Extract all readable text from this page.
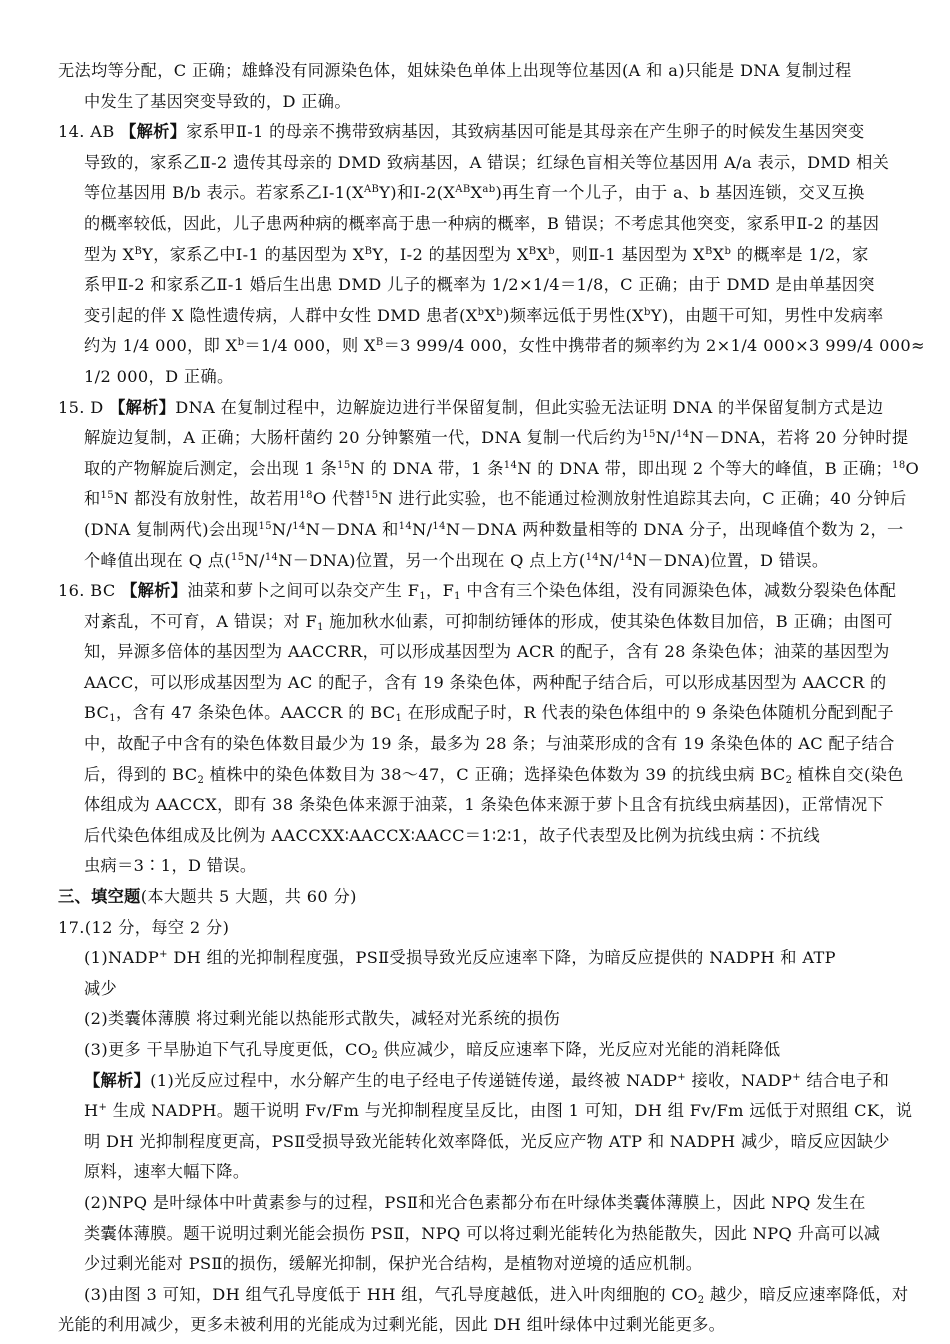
无法均等分配，C 正确；雄蜂没有同源染色体，姐妹染色单体上出现等位基因(A 和 a)只能是 DNA 复制过程
中发生了基因突变导致的，D 正确。
14. AB 【解析】家系甲Ⅱ-1 的母亲不携带致病基因，其致病基因可能是其母亲在产生卵子的时候发生基因突变
导致的，家系乙Ⅱ-2 遗传其母亲的 DMD 致病基因，A 错误；红绿色盲相关等位基因用 A/a 表示，DMD 相关
等位基因用 B/b 表示。若家系乙$Ⅰ-1(X^{AB}Y)$和$Ⅰ-2(X^{AB}X^{ab})$再生育一个儿子，由于 a、b 基因连锁，交叉互换
的概率较低，因此，儿子患两种病的概率高于患一种病的概率，B 错误；不考虑其他突变，家系甲Ⅱ-2 的基因
型为 $X^BY$，家系乙中Ⅰ-1 的基因型为 $X^BY$，Ⅰ-2 的基因型为 $X^BX^b$，则Ⅱ-1 基因型为 $X^BX^b$ 的概率是 1/2，家
系甲Ⅱ-2 和家系乙Ⅱ-1 婚后生出患 DMD 儿子的概率为 1/2×1/4＝1/8，C 正确；由于 DMD 是由单基因突
变引起的伴 X 隐性遗传病，人群中女性 DMD 患者$(X^bX^b)$频率远低于男性$(X^bY)$，由题干可知，男性中发病率
约为 1/4 000，即 $X^b=1/4$ 000，则 $X^B=3$ 999/4 000，女性中携带者的频率约为 2×1/4 000×3 999/4 000≈
1/2 000，D 正确。
15. D 【解析】DNA 在复制过程中，边解旋边进行半保留复制，但此实验无法证明 DNA 的半保留复制方式是边
解旋边复制，A 正确；大肠杆菌约 20 分钟繁殖一代，DNA 复制一代后约为$^{15}$N/$^{14}$N－DNA，若将 20 分钟时提
取的产物解旋后测定，会出现 1 条$^{15}$N 的 DNA 带，1 条$^{14}$N 的 DNA 带，即出现 2 个等大的峰值，B 正确；$^{18}$O
和$^{15}$N 都没有放射性，故若用$^{18}$O 代替$^{15}$N 进行此实验，也不能通过检测放射性追踪其去向，C 正确；40 分钟后
(DNA 复制两代)会出现$^{15}$N/$^{14}$N－DNA 和$^{14}$N/$^{14}$N－DNA 两种数量相等的 DNA 分子，出现峰值个数为 2，一
个峰值出现在 Q 点($^{15}$N/$^{14}$N－DNA)位置，另一个出现在 Q 点上方($^{14}$N/$^{14}$N－DNA)位置，D 错误。
16. BC 【解析】油菜和萝卜之间可以杂交产生 $F_1$，$F_1$ 中含有三个染色体组，没有同源染色体，减数分裂染色体配
对紊乱，不可育，A 错误；对 $F_1$ 施加秋水仙素，可抑制纺锤体的形成，使其染色体数目加倍，B 正确；由图可
知，异源多倍体的基因型为 AACCRR，可以形成基因型为 ACR 的配子，含有 28 条染色体；油菜的基因型为
AACC，可以形成基因型为 AC 的配子，含有 19 条染色体，两种配子结合后，可以形成基因型为 AACCR 的
$BC_1$，含有 47 条染色体。AACCR 的 $BC_1$ 在形成配子时，R 代表的染色体组中的 9 条染色体随机分配到配子
中，故配子中含有的染色体数目最少为 19 条，最多为 28 条；与油菜形成的含有 19 条染色体的 AC 配子结合
后，得到的 $BC_2$ 植株中的染色体数目为 38～47，C 正确；选择染色体数为 39 的抗线虫病 $BC_2$ 植株自交(染色
体组成为 AACCX，即有 38 条染色体来源于油菜，1 条染色体来源于萝卜且含有抗线虫病基因)，正常情况下
后代染色体组成及比例为 AACCXX∶AACCX∶AACC＝1∶2∶1，故子代表型及比例为抗线虫病∶不抗线
虫病＝3∶1，D 错误。
三、填空题(本大题共 5 大题，共 60 分)
17.(12 分，每空 2 分)
(1)NADP+ DH 组的光抑制程度强，PSⅡ受损导致光反应速率下降，为暗反应提供的 NADPH 和 ATP
减少
(2)类囊体薄膜 将过剩光能以热能形式散失，减轻对光系统的损伤
(3)更多 干旱胁迫下气孔导度更低，$CO_2$ 供应减少，暗反应速率下降，光反应对光能的消耗降低
【解析】(1)光反应过程中，水分解产生的电子经电子传递链传递，最终被 NADP+ 接收，NADP+ 结合电子和
H+ 生成 NADPH。题干说明 Fv/Fm 与光抑制程度呈反比，由图 1 可知，DH 组 Fv/Fm 远低于对照组 CK，说
明 DH 光抑制程度更高，PSⅡ受损导致光能转化效率降低，光反应产物 ATP 和 NADPH 减少，暗反应因缺少
原料，速率大幅下降。
(2)NPQ 是叶绿体中叶黄素参与的过程，PSⅡ和光合色素都分布在叶绿体类囊体薄膜上，因此 NPQ 发生在
类囊体薄膜。题干说明过剩光能会损伤 PSⅡ，NPQ 可以将过剩光能转化为热能散失，因此 NPQ 升高可以减
少过剩光能对 PSⅡ的损伤，缓解光抑制，保护光合结构，是植物对逆境的适应机制。
(3)由图 3 可知，DH 组气孔导度低于 HH 组，气孔导度越低，进入叶肉细胞的 $CO_2$ 越少，暗反应速率降低，对
光能的利用减少，更多未被利用的光能成为过剩光能，因此 DH 组叶绿体中过剩光能更多。
